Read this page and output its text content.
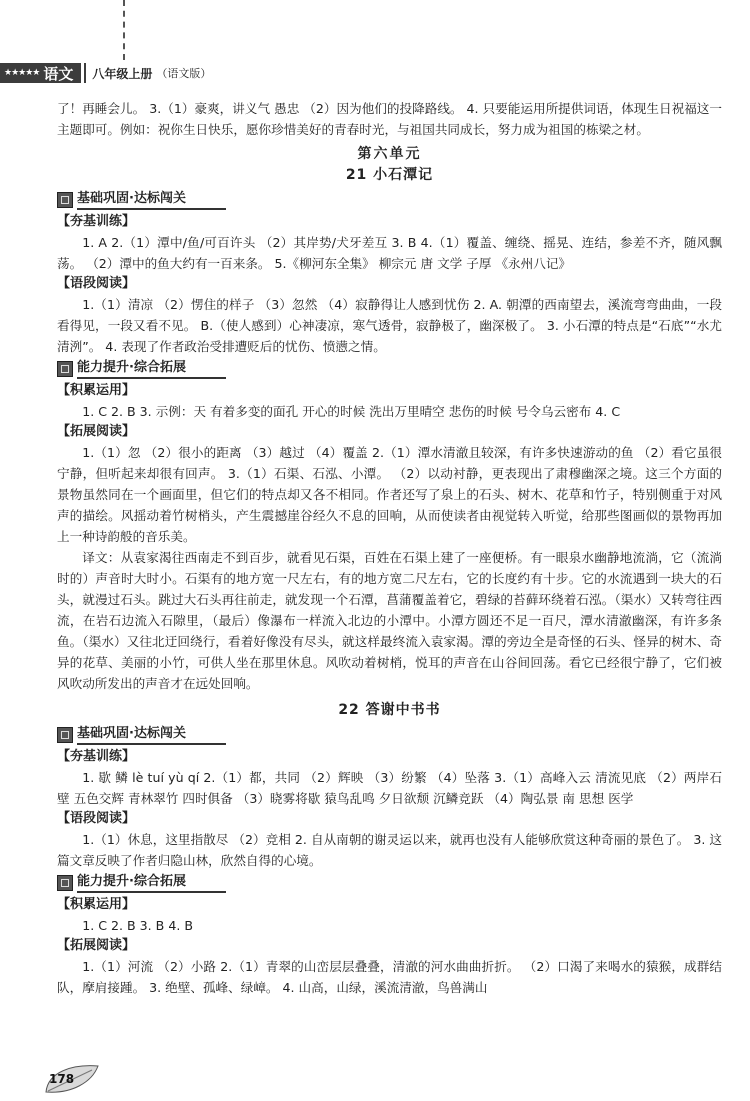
★★★★★ 语文 八年级上册 （语文版）

了！再睡会儿。 3.（1）豪爽，讲义气 愚忠 （2）因为他们的投降路线。 4. 只要能运用所提供词语，体现生日祝福这一主题即可。例如：祝你生日快乐，愿你珍惜美好的青春时光，与祖国共同成长，努力成为祖国的栋梁之材。

第六单元
21 小石潭记
基础巩固·达标闯关

【夯基训练】

1. A 2.（1）潭中/鱼/可百许头 （2）其岸势/犬牙差互 3. B 4.（1）覆盖、缠绕、摇晃、连结，参差不齐，随风飘荡。 （2）潭中的鱼大约有一百来条。 5.《柳河东全集》 柳宗元 唐 文学 子厚 《永州八记》

【语段阅读】

1.（1）清凉 （2）愣住的样子 （3）忽然 （4）寂静得让人感到忧伤 2. A. 朝潭的西南望去，溪流弯弯曲曲，一段看得见，一段又看不见。 B.（使人感到）心神凄凉，寒气透骨，寂静极了，幽深极了。 3. 小石潭的特点是“石底”“水尤清洌”。 4. 表现了作者政治受排遭贬后的忧伤、愤懑之情。

能力提升·综合拓展

【积累运用】

1. C 2. B 3. 示例：天 有着多变的面孔 开心的时候 洗出万里晴空 悲伤的时候 号令乌云密布 4. C

【拓展阅读】

1.（1）忽 （2）很小的距离 （3）越过 （4）覆盖 2.（1）潭水清澈且较深，有许多快速游动的鱼 （2）看它虽很宁静，但听起来却很有回声。 3.（1）石渠、石泓、小潭。 （2）以动衬静，更表现出了肃穆幽深之境。这三个方面的景物虽然同在一个画面里，但它们的特点却又各不相同。作者还写了泉上的石头、树木、花草和竹子，特别侧重于对风声的描绘。风摇动着竹树梢头，产生震撼崖谷经久不息的回响，从而使读者由视觉转入听觉，给那些图画似的景物再加上一种诗韵般的音乐美。

译文：从袁家渴往西南走不到百步，就看见石渠，百姓在石渠上建了一座便桥。有一眼泉水幽静地流淌，它（流淌时的）声音时大时小。石渠有的地方宽一尺左右，有的地方宽二尺左右，它的长度约有十步。它的水流遇到一块大的石头，就漫过石头。跳过大石头再往前走，就发现一个石潭，菖蒲覆盖着它，碧绿的苔藓环绕着石泓。（渠水）又转弯往西流，在岩石边流入石隙里，（最后）像瀑布一样流入北边的小潭中。小潭方圆还不足一百尺，潭水清澈幽深，有许多条鱼。（渠水）又往北迂回绕行，看着好像没有尽头，就这样最终流入袁家渴。潭的旁边全是奇怪的石头、怪异的树木、奇异的花草、美丽的小竹，可供人坐在那里休息。风吹动着树梢，悦耳的声音在山谷间回荡。看它已经很宁静了，它们被风吹动所发出的声音才在远处回响。

22 答谢中书书
基础巩固·达标闯关

【夯基训练】

1. 歇 鳞 lè tuí yù qí 2.（1）都，共同 （2）辉映 （3）纷繁 （4）坠落 3.（1）高峰入云 清流见底 （2）两岸石壁 五色交辉 青林翠竹 四时俱备 （3）晓雾将歇 猿鸟乱鸣 夕日欲颓 沉鳞竞跃 （4）陶弘景 南 思想 医学

【语段阅读】

1.（1）休息，这里指散尽 （2）竞相 2. 自从南朝的谢灵运以来，就再也没有人能够欣赏这种奇丽的景色了。 3. 这篇文章反映了作者归隐山林，欣然自得的心境。

能力提升·综合拓展

【积累运用】

1. C 2. B 3. B 4. B

【拓展阅读】

1.（1）河流 （2）小路 2.（1）青翠的山峦层层叠叠，清澈的河水曲曲折折。 （2）口渴了来喝水的猿猴，成群结队，摩肩接踵。 3. 绝壁、孤峰、绿嶂。 4. 山高，山绿，溪流清澈，鸟兽满山

178
